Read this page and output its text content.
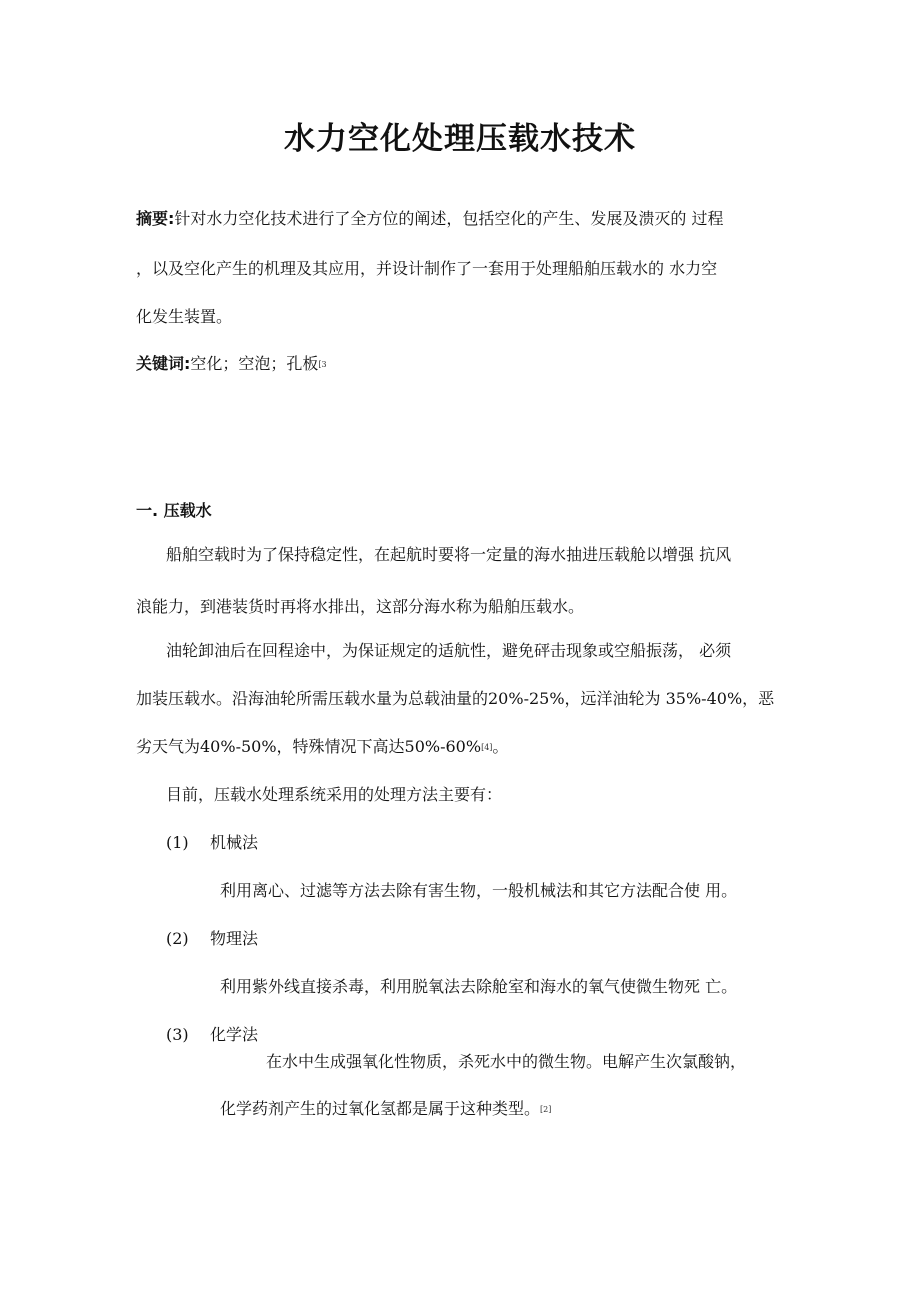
水力空化处理压载水技术
摘要:针对水力空化技术进行了全方位的阐述，包括空化的产生、发展及溃灭的 过程
，以及空化产生的机理及其应用，并设计制作了一套用于处理船舶压载水的 水力空
化发生装置。
关键词:空化；空泡；孔板[3
一. 压载水
船舶空载时为了保持稳定性，在起航时要将一定量的海水抽进压载舱以增强 抗风
浪能力，到港装货时再将水排出，这部分海水称为船舶压载水。
油轮卸油后在回程途中，为保证规定的适航性，避免砰击现象或空船振荡， 必须
加装压载水。沿海油轮所需压载水量为总载油量的20%-25%，远洋油轮为 35%-40%，恶
劣天气为40%-50%，特殊情况下高达50%-60%[4]。
目前，压载水处理系统采用的处理方法主要有：
(1) 机械法
利用离心、过滤等方法去除有害生物，一般机械法和其它方法配合使 用。
(2) 物理法
利用紫外线直接杀毒，利用脱氧法去除舱室和海水的氧气使微生物死 亡。
(3) 化学法
在水中生成强氧化性物质，杀死水中的微生物。电解产生次氯酸钠，
化学药剂产生的过氧化氢都是属于这种类型。[2]
